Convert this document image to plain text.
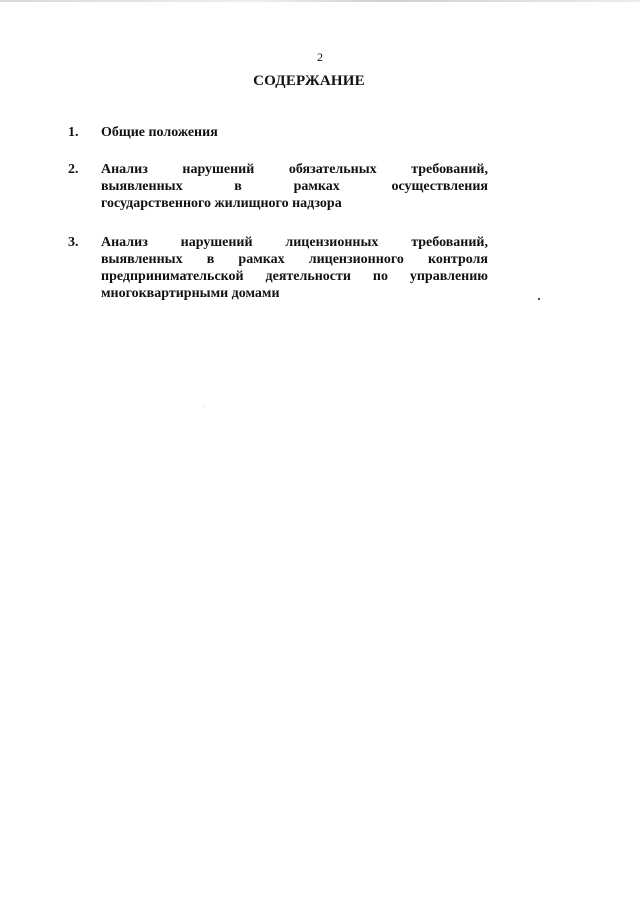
2
СОДЕРЖАНИЕ
1. Общие положения
2. Анализ нарушений обязательных требований,
выявленных в рамках осуществления
государственного жилищного надзора
3. Анализ нарушений лицензионных требований,
выявленных в рамках лицензионного контроля
предпринимательской деятельности по управлению
многоквартирными домами
